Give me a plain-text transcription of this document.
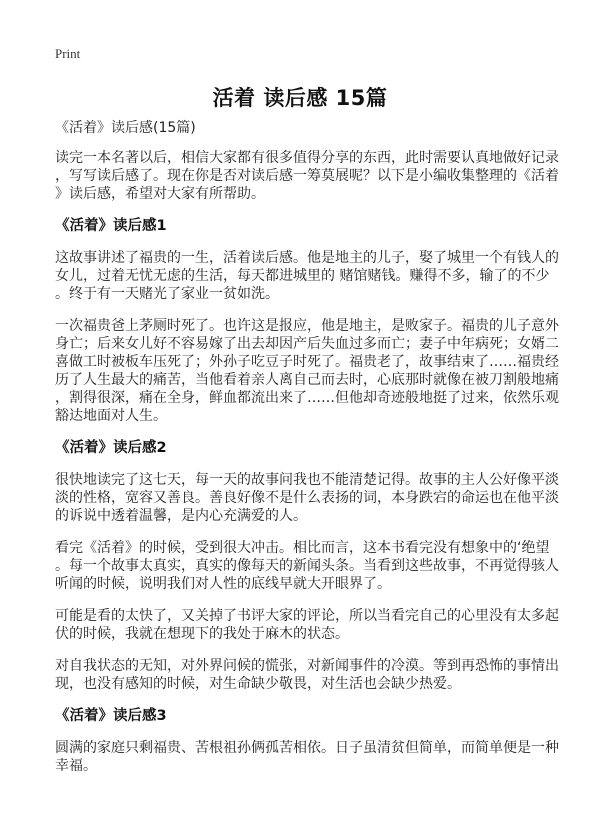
Print
活着 读后感 15篇
《活着》读后感(15篇)
读完一本名著以后，相信大家都有很多值得分享的东西，此时需要认真地做好记录
，写写读后感了。现在你是否对读后感一筹莫展呢？以下是小编收集整理的《活着
》读后感，希望对大家有所帮助。
《活着》读后感1
这故事讲述了福贵的一生，活着读后感。他是地主的儿子，娶了城里一个有钱人的
女儿，过着无忧无虑的生活，每天都进城里的 赌馆赌钱。赚得不多，输了的不少
。终于有一天赌光了家业一贫如洗。
一次福贵爸上茅厕时死了。也许这是报应，他是地主，是败家子。福贵的儿子意外
身亡；后来女儿好不容易嫁了出去却因产后失血过多而亡；妻子中年病死；女婿二
喜做工时被板车压死了；外孙子吃豆子时死了。福贵老了，故事结束了……福贵经
历了人生最大的痛苦，当他看着亲人离自己而去时，心底那时就像在被刀割般地痛
，割得很深，痛在全身，鲜血都流出来了……但他却奇迹般地挺了过来，依然乐观
豁达地面对人生。
《活着》读后感2
很快地读完了这七天，每一天的故事问我也不能清楚记得。故事的主人公好像平淡
淡的性格，宽容又善良。善良好像不是什么表扬的词，本身跌宕的命运也在他平淡
的诉说中透着温馨，是内心充满爱的人。
看完《活着》的时候，受到很大冲击。相比而言，这本书看完没有想象中的‘绝望
。每一个故事太真实，真实的像每天的新闻头条。当看到这些故事，不再觉得骇人
听闻的时候，说明我们对人性的底线早就大开眼界了。
可能是看的太快了，又关掉了书评大家的评论，所以当看完自己的心里没有太多起
伏的时候，我就在想现下的我处于麻木的状态。
对自我状态的无知，对外界问候的慌张，对新闻事件的冷漠。等到再恐怖的事情出
现，也没有感知的时候，对生命缺少敬畏，对生活也会缺少热爱。
《活着》读后感3
圆满的家庭只剩福贵、苦根祖孙俩孤苦相依。日子虽清贫但简单，而简单便是一种
幸福。
